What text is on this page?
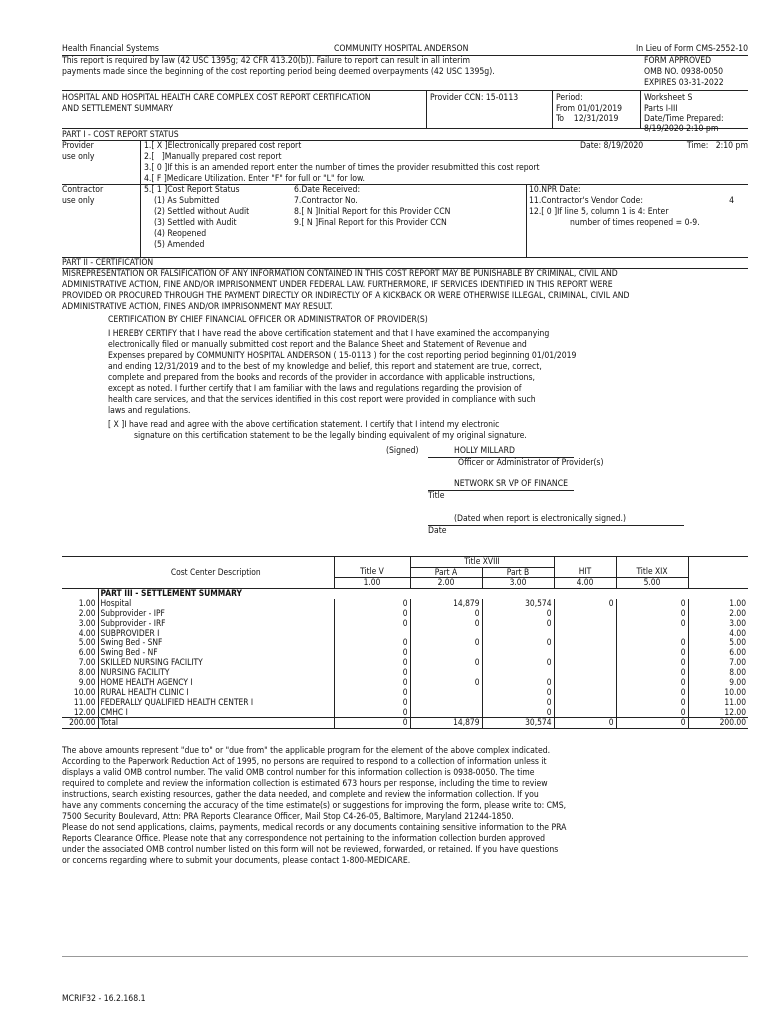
Health Financial Systems	COMMUNITY HOSPITAL ANDERSON	In Lieu of Form CMS-2552-10
This report is required by law (42 USC 1395g; 42 CFR 413.20(b)). Failure to report can result in all interim
payments made since the beginning of the cost reporting period being deemed overpayments (42 USC 1395g).
FORM APPROVED
OMB NO. 0938-0050
EXPIRES 03-31-2022
HOSPITAL AND HOSPITAL HEALTH CARE COMPLEX COST REPORT CERTIFICATION
AND SETTLEMENT SUMMARY
Provider CCN: 15-0113	Period:
From 01/01/2019
To    12/31/2019
Worksheet S
Parts I-III
Date/Time Prepared:
8/19/2020 2:10 pm
PART I - COST REPORT STATUS
Provider
use only
1.[ X ]Electronically prepared cost report	Date: 8/19/2020	Time:   2:10 pm
2.[   ]Manually prepared cost report
3.[ 0 ]If this is an amended report enter the number of times the provider resubmitted this cost report
4.[ F ]Medicare Utilization. Enter "F" for full or "L" for low.
Contractor
use only
5.[ 1 ]Cost Report Status
(1) As Submitted
(2) Settled without Audit
(3) Settled with Audit
(4) Reopened
(5) Amended
6.Date Received:
7.Contractor No.
8.[ N ]Initial Report for this Provider CCN
9.[ N ]Final Report for this Provider CCN
10.NPR Date:
11.Contractor's Vendor Code:	4
12.[ 0 ]If line 5, column 1 is 4: Enter
number of times reopened = 0-9.
PART II - CERTIFICATION
MISREPRESENTATION OR FALSIFICATION OF ANY INFORMATION CONTAINED IN THIS COST REPORT MAY BE PUNISHABLE BY CRIMINAL, CIVIL AND
ADMINISTRATIVE ACTION, FINE AND/OR IMPRISONMENT UNDER FEDERAL LAW. FURTHERMORE, IF SERVICES IDENTIFIED IN THIS REPORT WERE
PROVIDED OR PROCURED THROUGH THE PAYMENT DIRECTLY OR INDIRECTLY OF A KICKBACK OR WERE OTHERWISE ILLEGAL, CRIMINAL, CIVIL AND
ADMINISTRATIVE ACTION, FINES AND/OR IMPRISONMENT MAY RESULT.
CERTIFICATION BY CHIEF FINANCIAL OFFICER OR ADMINISTRATOR OF PROVIDER(S)
I HEREBY CERTIFY that I have read the above certification statement and that I have examined the accompanying
electronically filed or manually submitted cost report and the Balance Sheet and Statement of Revenue and
Expenses prepared by COMMUNITY HOSPITAL ANDERSON ( 15-0113 ) for the cost reporting period beginning 01/01/2019
and ending 12/31/2019 and to the best of my knowledge and belief, this report and statement are true, correct,
complete and prepared from the books and records of the provider in accordance with applicable instructions,
except as noted. I further certify that I am familiar with the laws and regulations regarding the provision of
health care services, and that the services identified in this cost report were provided in compliance with such
laws and regulations.
[ X ]I have read and agree with the above certification statement. I certify that I intend my electronic
signature on this certification statement to be the legally binding equivalent of my original signature.
(Signed)	HOLLY MILLARD
Officer or Administrator of Provider(s)
NETWORK SR VP OF FINANCE
Title
(Dated when report is electronically signed.)
Date
			Title XVIII				
	Cost Center Description	Title V	Part A	Part B	HIT	Title XIX	
		1.00	2.00	3.00	4.00	5.00	
	PART III - SETTLEMENT SUMMARY						
1.00	Hospital	0	14,879	30,574	0	0	1.00
2.00	Subprovider - IPF	0	0	0		0	2.00
3.00	Subprovider - IRF	0	0	0		0	3.00
4.00	SUBPROVIDER I						4.00
5.00	Swing Bed - SNF	0	0	0		0	5.00
6.00	Swing Bed - NF	0				0	6.00
7.00	SKILLED NURSING FACILITY	0	0	0		0	7.00
8.00	NURSING FACILITY	0				0	8.00
9.00	HOME HEALTH AGENCY I	0	0	0		0	9.00
10.00	RURAL HEALTH CLINIC I	0		0		0	10.00
11.00	FEDERALLY QUALIFIED HEALTH CENTER I	0		0		0	11.00
12.00	CMHC I	0		0		0	12.00
200.00	Total	0	14,879	30,574	0	0	200.00
The above amounts represent "due to" or "due from" the applicable program for the element of the above complex indicated.
According to the Paperwork Reduction Act of 1995, no persons are required to respond to a collection of information unless it
displays a valid OMB control number. The valid OMB control number for this information collection is 0938-0050. The time
required to complete and review the information collection is estimated 673 hours per response, including the time to review
instructions, search existing resources, gather the data needed, and complete and review the information collection. If you
have any comments concerning the accuracy of the time estimate(s) or suggestions for improving the form, please write to: CMS,
7500 Security Boulevard, Attn: PRA Reports Clearance Officer, Mail Stop C4-26-05, Baltimore, Maryland 21244-1850.
Please do not send applications, claims, payments, medical records or any documents containing sensitive information to the PRA
Reports Clearance Office. Please note that any correspondence not pertaining to the information collection burden approved
under the associated OMB control number listed on this form will not be reviewed, forwarded, or retained. If you have questions
or concerns regarding where to submit your documents, please contact 1-800-MEDICARE.
MCRIF32 - 16.2.168.1
